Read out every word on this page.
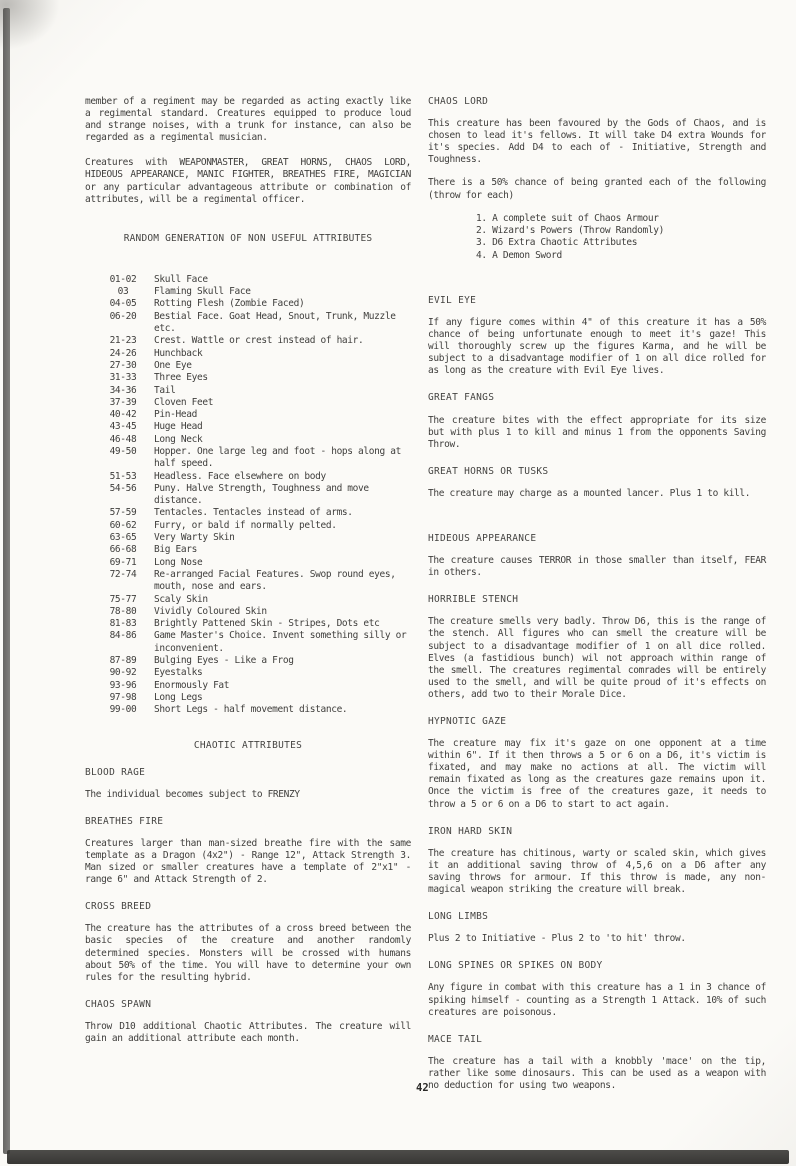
member of a regiment may be regarded as acting exactly like a regimental standard. Creatures equipped to produce loud and strange noises, with a trunk for instance, can also be regarded as a regimental musician.

Creatures with WEAPONMASTER, GREAT HORNS, CHAOS LORD, HIDEOUS APPEARANCE, MANIC FIGHTER, BREATHES FIRE, MAGICIAN or any particular advantageous attribute or combination of attributes, will be a regimental officer.

RANDOM GENERATION OF NON USEFUL ATTRIBUTES
01-02	Skull Face
03	Flaming Skull Face
04-05	Rotting Flesh (Zombie Faced)
06-20	Bestial Face. Goat Head, Snout, Trunk, Muzzle etc.
21-23	Crest. Wattle or crest instead of hair.
24-26	Hunchback
27-30	One Eye
31-33	Three Eyes
34-36	Tail
37-39	Cloven Feet
40-42	Pin-Head
43-45	Huge Head
46-48	Long Neck
49-50	Hopper. One large leg and foot - hops along at half speed.
51-53	Headless. Face elsewhere on body
54-56	Puny. Halve Strength, Toughness and move distance.
57-59	Tentacles. Tentacles instead of arms.
60-62	Furry, or bald if normally pelted.
63-65	Very Warty Skin
66-68	Big Ears
69-71	Long Nose
72-74	Re-arranged Facial Features. Swop round eyes, mouth, nose and ears.
75-77	Scaly Skin
78-80	Vividly Coloured Skin
81-83	Brightly Pattened Skin - Stripes, Dots etc
84-86	Game Master's Choice. Invent something silly or inconvenient.
87-89	Bulging Eyes - Like a Frog
90-92	Eyestalks
93-96	Enormously Fat
97-98	Long Legs
99-00	Short Legs - half movement distance.
CHAOTIC ATTRIBUTES
BLOOD RAGE

The individual becomes subject to FRENZY

BREATHES FIRE

Creatures larger than man-sized breathe fire with the same template as a Dragon (4x2") - Range 12", Attack Strength 3. Man sized or smaller creatures have a template of 2"x1" - range 6" and Attack Strength of 2.

CROSS BREED

The creature has the attributes of a cross breed between the basic species of the creature and another randomly determined species. Monsters will be crossed with humans about 50% of the time. You will have to determine your own rules for the resulting hybrid.

CHAOS SPAWN

Throw D10 additional Chaotic Attributes. The creature will gain an additional attribute each month.

CHAOS LORD

This creature has been favoured by the Gods of Chaos, and is chosen to lead it's fellows. It will take D4 extra Wounds for it's species. Add D4 to each of - Initiative, Strength and Toughness.

There is a 50% chance of being granted each of the following (throw for each)

1. A complete suit of Chaos Armour
2. Wizard's Powers (Throw Randomly)
3. D6 Extra Chaotic Attributes
4. A Demon Sword
EVIL EYE

If any figure comes within 4" of this creature it has a 50% chance of being unfortunate enough to meet it's gaze! This will thoroughly screw up the figures Karma, and he will be subject to a disadvantage modifier of 1 on all dice rolled for as long as the creature with Evil Eye lives.

GREAT FANGS

The creature bites with the effect appropriate for its size but with plus 1 to kill and minus 1 from the opponents Saving Throw.

GREAT HORNS OR TUSKS

The creature may charge as a mounted lancer. Plus 1 to kill.

HIDEOUS APPEARANCE

The creature causes TERROR in those smaller than itself, FEAR in others.

HORRIBLE STENCH

The creature smells very badly. Throw D6, this is the range of the stench. All figures who can smell the creature will be subject to a disadvantage modifier of 1 on all dice rolled. Elves (a fastidious bunch) wil not approach within range of the smell. The creatures regimental comrades will be entirely used to the smell, and will be quite proud of it's effects on others, add two to their Morale Dice.

HYPNOTIC GAZE

The creature may fix it's gaze on one opponent at a time within 6". If it then throws a 5 or 6 on a D6, it's victim is fixated, and may make no actions at all. The victim will remain fixated as long as the creatures gaze remains upon it. Once the victim is free of the creatures gaze, it needs to throw a 5 or 6 on a D6 to start to act again.

IRON HARD SKIN

The creature has chitinous, warty or scaled skin, which gives it an additional saving throw of 4,5,6 on a D6 after any saving throws for armour. If this throw is made, any non-magical weapon striking the creature will break.

LONG LIMBS

Plus 2 to Initiative - Plus 2 to 'to hit' throw.

LONG SPINES OR SPIKES ON BODY

Any figure in combat with this creature has a 1 in 3 chance of spiking himself - counting as a Strength 1 Attack. 10% of such creatures are poisonous.

MACE TAIL

The creature has a tail with a knobbly 'mace' on the tip, rather like some dinosaurs. This can be used as a weapon with no deduction for using two weapons.

42
